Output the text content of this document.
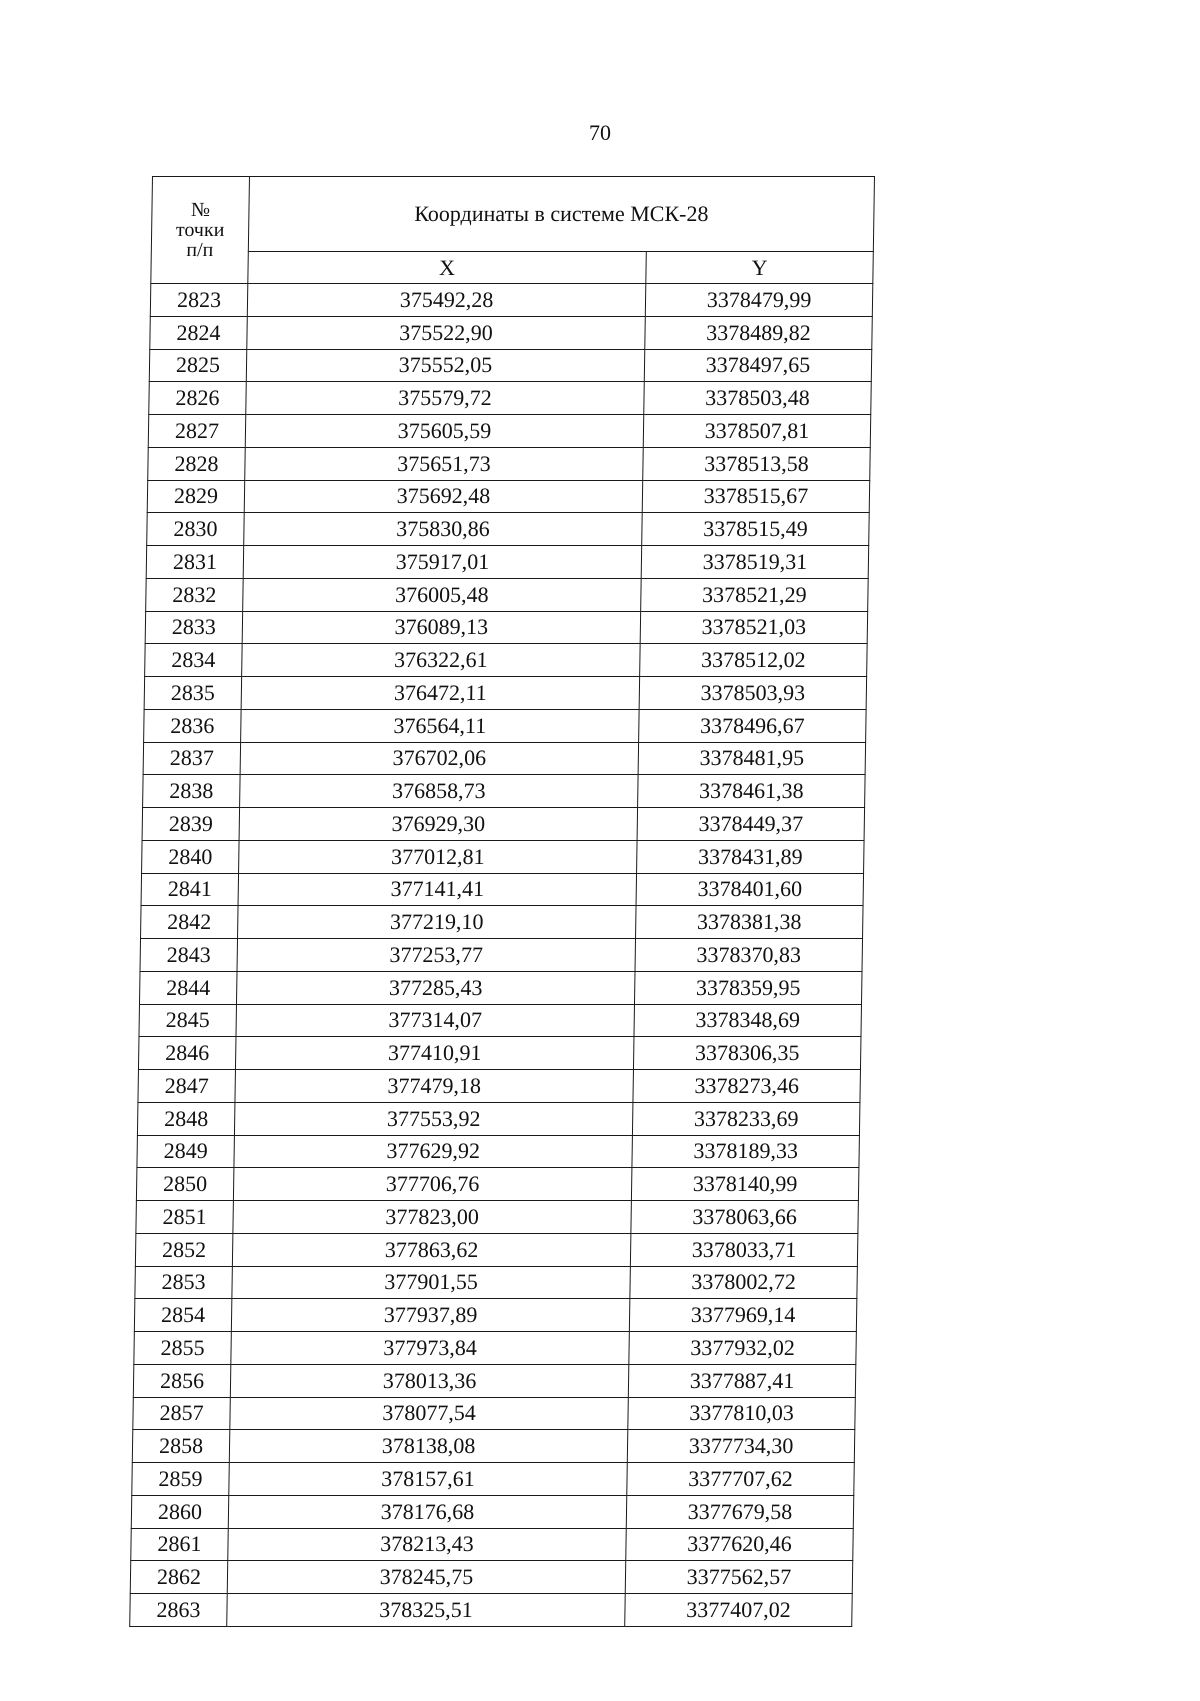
70
№
точки
п/п	Координаты в системе МСК-28	
	X	Y
2823	375492,28	3378479,99
2824	375522,90	3378489,82
2825	375552,05	3378497,65
2826	375579,72	3378503,48
2827	375605,59	3378507,81
2828	375651,73	3378513,58
2829	375692,48	3378515,67
2830	375830,86	3378515,49
2831	375917,01	3378519,31
2832	376005,48	3378521,29
2833	376089,13	3378521,03
2834	376322,61	3378512,02
2835	376472,11	3378503,93
2836	376564,11	3378496,67
2837	376702,06	3378481,95
2838	376858,73	3378461,38
2839	376929,30	3378449,37
2840	377012,81	3378431,89
2841	377141,41	3378401,60
2842	377219,10	3378381,38
2843	377253,77	3378370,83
2844	377285,43	3378359,95
2845	377314,07	3378348,69
2846	377410,91	3378306,35
2847	377479,18	3378273,46
2848	377553,92	3378233,69
2849	377629,92	3378189,33
2850	377706,76	3378140,99
2851	377823,00	3378063,66
2852	377863,62	3378033,71
2853	377901,55	3378002,72
2854	377937,89	3377969,14
2855	377973,84	3377932,02
2856	378013,36	3377887,41
2857	378077,54	3377810,03
2858	378138,08	3377734,30
2859	378157,61	3377707,62
2860	378176,68	3377679,58
2861	378213,43	3377620,46
2862	378245,75	3377562,57
2863	378325,51	3377407,02
